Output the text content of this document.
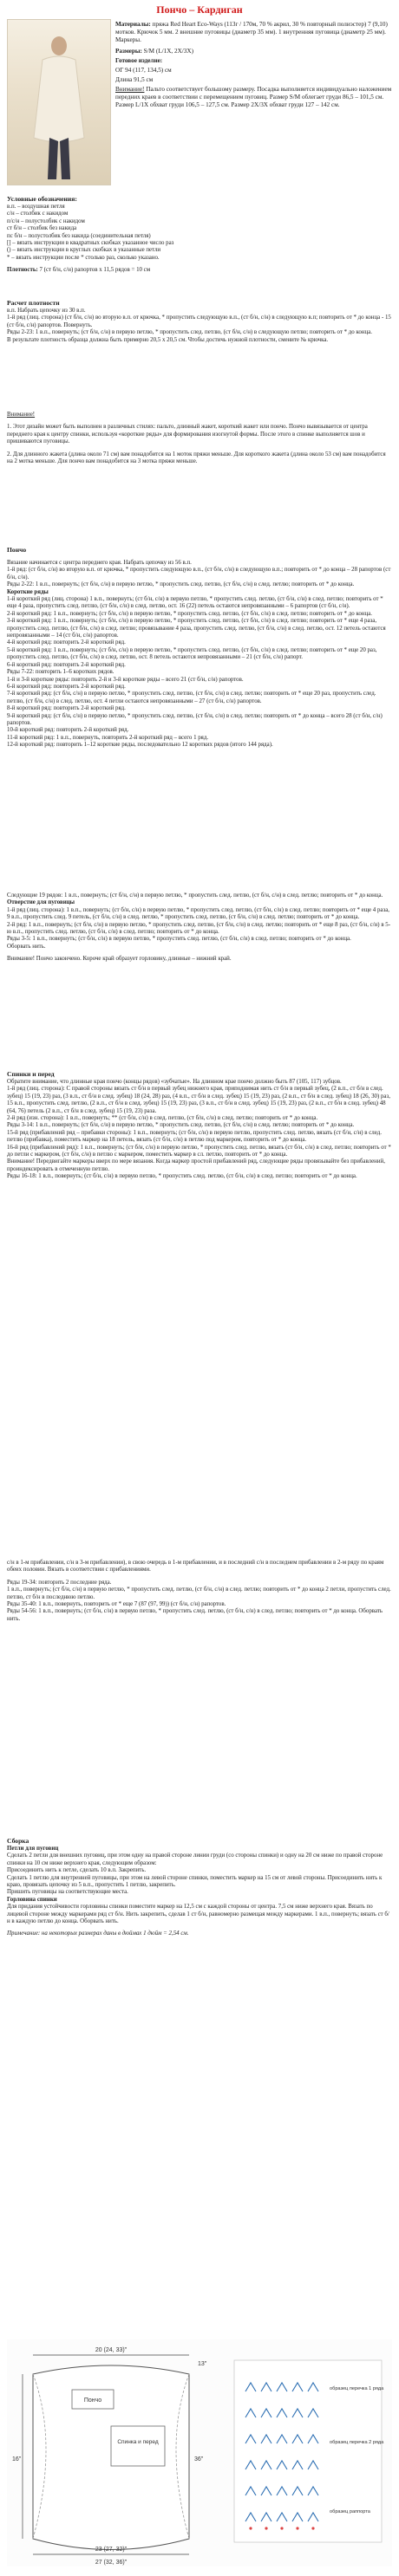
Пончо – Кардиган

Материалы: пряжа Red Heart Eco-Ways (113г / 170м, 70 % акрил, 30 % повторный полиэстер) 7 (9,10) мотков. Крючок 5 мм. 2 внешние пуговицы (диаметр 35 мм). 1 внутренняя пуговица (диаметр 25 мм). Маркеры.

Размеры: S/M (L/1X, 2X/3X)

Готовое изделие:

ОГ 94 (117, 134,5) см

Длина 91,5 см

Внимание! Пальто соответствует большому размеру. Посадка выполняется индивидуально наложением передних краев в соответствии с перемещением пуговиц. Размер S/M облегает груди 86,5 – 101,5 см. Размер L/1X обхват груди 106,5 – 127,5 см. Размер 2X/3X обхват груди 127 – 142 см.

Условные обозначения:

в.п. – воздушная петля

с/н – столбик с накидом

п/с/н – полустолбик с накидом

ст б/н – столбик без накида

пс б/н – полустолбик без накида (соединительная петля)

[] – вязать инструкции в квадратных скобках указанное число раз

() – вязать инструкции в круглых скобках в указанные петли

* – вязать инструкции после * столько раз, сколько указано.

Плотность: 7 (ст б/н, с/н) рапортов x 11,5 рядов = 10 см

Расчет плотности

в.п. Набрать цепочку из 30 в.п.

1-й ряд (лиц. сторона) (ст б/н, с/н) во вторую в.п. от крючка, * пропустить следующую в.п., (ст б/н, с/н) в следующую в.п; повторить от * до конца - 15 (ст б/н, с/н) рапортов. Повернуть.

Ряды 2-23: 1 в.п., повернуть; (ст б/н, с/н) в первую петлю, * пропустить след. петлю, (ст б/н, с/н) в следующую петлю; повторить от * до конца.

В результате плотность образца должна быть примерно 20,5 x 20,5 см. Чтобы достичь нужной плотности, смените № крючка.

Внимание!

1. Этот дизайн может быть выполнен в различных стилях: пальто, длинный жакет, короткий жакет или пончо. Пончо вывязывается от центра переднего края к центру спинки, используя «короткие ряды» для формирования изогнутой формы. После этого в спинке выполняется шов и пришиваются пуговицы.

2. Для длинного жакета (длина около 71 см) вам понадобится на 1 моток пряжи меньше. Для короткого жакета (длина около 53 см) вам понадобится на 2 мотка меньше. Для пончо вам понадобится на 3 мотка пряжи меньше.

Пончо

Вязание начинается с центра переднего края. Набрать цепочку из 56 в.п.

1-й ряд: (ст б/н, с/н) во вторую в.п. от крючка, * пропустить следующую в.п., (ст б/н, с/н) в следующую в.п.; повторить от * до конца – 28 рапортов (ст б/н, с/н).

Ряды 2-22: 1 в.п., повернуть; (ст б/н, с/н) в первую петлю, * пропустить след. петлю, (ст б/н, с/н) в след. петлю; повторить от * до конца.

Короткие ряды

1-й короткий ряд (лиц. сторона) 1 в.п., повернуть; (ст б/н, с/н) в первую петлю, * пропустить след. петлю, (ст б/н, с/н) в след. петлю; повторить от * еще 4 раза, пропустить след. петлю, (ст б/н, с/н) в след. петлю, ост. 16 (22) петель остаются непровязанными – 6 рапортов (ст б/н, с/н).

2-й короткий ряд: 1 в.п., повернуть; (ст б/н, с/н) в первую петлю, * пропустить след. петлю, (ст б/н, с/н) в след. петлю; повторить от * до конца.

3-й короткий ряд: 1 в.п., повернуть; (ст б/н, с/н) в первую петлю, * пропустить след. петлю, (ст б/н, с/н) в след. петлю; повторить от * еще 4 раза, пропустить след. петлю, (ст б/н, с/н) в след. петлю; провязывание 4 раза, пропустить след. петлю, (ст б/н, с/н) в след. петлю, ост. 12 петель остаются непровязанными – 14 (ст б/н, с/н) рапортов.

4-й короткий ряд: повторить 2-й короткий ряд.

5-й короткий ряд: 1 в.п., повернуть; (ст б/н, с/н) в первую петлю, * пропустить след. петлю, (ст б/н, с/н) в след. петлю; повторить от * еще 20 раз, пропустить след. петлю, (ст б/н, с/н) в след. петлю, ост. 8 петель остаются непровязанными – 21 (ст б/н, с/н) рапорт.

6-й короткий ряд: повторить 2-й короткий ряд.

Ряды 7-22: повторить 1–6 коротких рядов.

1-й и 3-й короткие ряды: повторить 2-й и 3-й короткие ряды – всего 21 (ст б/н, с/н) рапортов.

6-й короткий ряд: повторить 2-й короткий ряд.

7-й короткий ряд: (ст б/н, с/н) в первую петлю, * пропустить след. петлю, (ст б/н, с/н) в след. петлю; повторить от * еще 20 раз, пропустить след. петлю, (ст б/н, с/н) в след. петлю, ост. 4 петли остаются непровязанными – 27 (ст б/н, с/н) рапортов.

8-й короткий ряд: повторить 2-й короткий ряд.

9-й короткий ряд: (ст б/н, с/н) в первую петлю, * пропустить след. петлю, (ст б/н, с/н) в след. петлю; повторить от * до конца – всего 28 (ст б/н, с/н) рапортов.

10-й короткий ряд: повторить 2-й короткий ряд.

11-й короткий ряд: 1 в.п., повернуть, повторить 2-й короткий ряд – всего 1 ряд.

12-й короткий ряд: повторить 1–12 короткие ряды, последовательно 12 коротких рядов (итого 144 ряда).

Следующие 19 рядов: 1 в.п., повернуть; (ст б/н, с/н) в первую петлю, * пропустить след. петлю, (ст б/н, с/н) в след. петлю; повторить от * до конца.

Отверстие для пуговицы

1-й ряд (лиц. сторона): 1 в.п., повернуть; (ст б/н, с/н) в первую петлю, * пропустить след. петлю, (ст б/н, с/н) в след. петлю; повторить от * еще 4 раза, 9 в.п., пропустить след. 9 петель, (ст б/н, с/н) в след. петлю, * пропустить след. петлю, (ст б/н, с/н) в след. петлю; повторить от * до конца.

2-й ряд: 1 в.п., повернуть; (ст б/н, с/н) в первую петлю, * пропустить след. петлю, (ст б/н, с/н) в след. петлю; повторить от * еще 8 раз, (ст б/н, с/н) в 5-ю в.п., пропустить след. петлю, (ст б/н, с/н) в след. петлю; повторить от * до конца.

Ряды 3-5: 1 в.п., повернуть; (ст б/н, с/н) в первую петлю, * пропустить след. петлю, (ст б/н, с/н) в след. петлю; повторить от * до конца.

Оборвать нить.

Внимание! Пончо закончено. Короче край образует горловину, длинные – нижний край.

Спинки и перед

Обратите внимание, что длинные края пончо (концы рядов) «зубчатые». На длинном крае пончо должно быть 87 (105, 117) зубцов.

1-й ряд (лиц. сторона): С правой стороны вязать ст б/н в первый зубец нижнего края, приподнимая нить ст б/н в первый зубец, (2 в.п., ст б/н в след. зубец) 15 (19, 23) раз, (3 в.п., ст б/н в след. зубец) 18 (24, 28) раз, (4 в.п., ст б/н в след. зубец) 15 (19, 23) раз, (2 в.п., ст б/н в след. зубец) 18 (26, 30) раз, 15 в.п., пропустить след. петлю, (2 в.п., ст б/н в след. зубец) 15 (19, 23) раз, (3 в.п., ст б/н в след. зубец) 15 (19, 23) раз, (2 в.п., ст б/н в след. зубец) 48 (64, 76) петель (2 в.п., ст б/н в след. зубец) 15 (19, 23) раза.

2-й ряд (изн. сторона): 1 в.п., повернуть; ** (ст б/н, с/н) в след. петлю, (ст б/н, с/н) в след. петлю; повторить от * до конца.

Ряды 3-14: 1 в.п., повернуть; (ст б/н, с/н) в первую петлю, * пропустить след. петлю, (ст б/н, с/н) в след. петлю; повторить от * до конца.

15-й ряд (прибавлений ряд – прибавки стороны): 1 в.п., повернуть; (ст б/н, с/н) в первую петлю, пропустить след. петлю, вязать (ст б/н, с/н) в след. петлю (прибавка), поместить маркер на 18 петель, вязать (ст б/н, с/н) в петлю под маркером, повторить от * до конца.

16-й ряд (прибавлений ряд): 1 в.п., повернуть; (ст б/н, с/н) в первую петлю, * пропустить след. петлю, вязать (ст б/н, с/н) в след. петлю; повторить от * до петли с маркером, (ст б/н, с/н) в петлю с маркером, поместить маркер в сл. петлю, повторить от * до конца.

Внимание! Передвигайте маркеры вверх по мере вязания. Когда маркер простой прибавлений ряд, следующие ряды провязывайте без прибавлений, проиндексировать в отмеченную петлю.

Ряды 16-18: 1 в.п., повернуть; (ст б/н, с/н) в первую петлю, * пропустить след. петлю, (ст б/н, с/н) в след. петлю; повторить от * до конца.

с/н в 1-м прибавлении, с/н в 3-м прибавлении), в свою очередь в 1-м прибавлении, и в последний с/н в последнем прибавлении в 2-м ряду по краям обеих половин. Вязать в соответствии с прибавлениями.

Ряды 19-34: повторить 2 последние ряда.

1 в.п., повернуть; (ст б/н, с/н) в первую петлю, * пропустить след. петлю, (ст б/н, с/н) в след. петлю; повторить от * до конца 2 петли, пропустить след. петлю, ст б/н в последнюю петлю.

Ряды 35-40: 1 в.п., повернуть, повторить от * еще 7 (87 (97, 99)) (ст б/н, с/н) рапортов.

Ряды 54-56: 1 в.п., повернуть; (ст б/н, с/н) в первую петлю, * пропустить след. петлю, (ст б/н, с/н) в след. петлю; повторить от * до конца. Оборвать нить.

Сборка

Петли для пуговиц

Сделать 2 петли для внешних пуговиц, при этом одну на правой стороне линии груди (со стороны спинки) и одну на 20 см ниже по правой стороне спинки на 10 см ниже верхнего края, следующим образом:

Присоединить нить к петле, сделать 10 в.п. Закрепить.

Сделать 1 петлю для внутренней пуговицы, при этом на левой стороне спинки, поместить маркер на 15 см от левой стороны. Присоединить нить к краю, провязать цепочку из 5 в.п., пропустить 1 петлю, закрепить.

Пришить пуговицы на соответствующие места.

Горловина спинки

Для придания устойчивости горловины спинки поместите маркер на 12,5 см с каждой стороны от центра. 7,5 см ниже верхнего края. Вязать по лицевой стороне между маркерами ряд ст б/н. Нить закрепить, сделав 1 ст б/н, равномерно размещая между маркерами. 1 в.п., повернуть; вязать ст б/н в каждую петлю до конца. Оборвать нить.

Примечание: на некоторых размерах даны в дюймах 1 дюйм = 2,54 см.

20 (24, 33)"
13"
Пончо
Спинка и перед
16"	36"
23 (27, 32)"
27 (32, 36)"
образец перечка 1 ряда
образец перечка 2 ряда
образец раппорта
